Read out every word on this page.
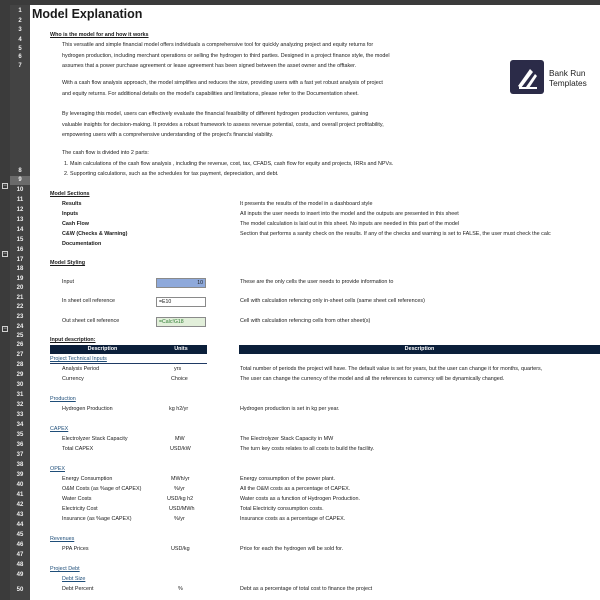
−
−
−
1
2
3
4
5
6
7
8
9
10
11
12
13
14
15
16
17
18
19
20
21
22
23
24
25
26
27
28
29
30
31
32
33
34
35
36
37
38
39
40
41
42
43
44
45
46
47
48
49
50
Model Explanation
Who is the model for and how it works
This versatile and simple financial model offers individuals a comprehensive tool for quickly analyzing project and equity returns for
hydrogen production, including merchant operations or selling the hydrogen to third parties. Designed in a project finance style, the model
assumes that a power purchase agreement or lease agreement has been signed between the asset owner and the offtaker.
With a cash flow analysis approach, the model simplifies and reduces the size, providing users with a fast yet robust analysis of project
and equity returns. For additional details on the model's capabilities and limitations, please refer to the Documentation sheet.
By leveraging this model, users can effectively evaluate the financial feasibility of different hydrogen production ventures, gaining
valuable insights for decision-making. It provides a robust framework to assess revenue potential, costs, and overall project profitability,
empowering users with a comprehensive understanding of the project's financial viability.
The cash flow is divided into 2 parts:
1. Main calculations of the cash flow analysis , including the revenue, cost, tax, CFADS, cash flow for equity and projects, IRRs and NPVs.
2. Supporting calculations, such as the schedules for tax payment, depreciation, and debt.
Bank Run
Templates
Model Sections
Results	It presents the results of the model in a dashboard style
Inputs	All inputs the user needs to insert into the model and the outputs are presented in this sheet
Cash Flow	The model calculation is laid out in this sheet. No inputs are needed in this part of the model
C&W (Checks & Warning)	Section that performs a sanity check on the results. If any of the checks and warning is set to FALSE, the user must check the calc
Documentation
Model Styling
Input	10	These are the only cells the user needs to provide information to
In sheet cell reference	=E10	Cell with calculation refencing only in-sheet cells (same sheet cell references)
Out sheet cell reference	=Calc!G18	Cell with calculation refencing cells from other sheet(s)
Input description:
Description	Units	Description
Project Technical Inputs
Analysis Period	yrs	Total number of periods the project will have. The default value is set for years, but the user can change it for months, quarters,
Currency	Choice	The user can change the currency of the model and all the references to currency will be dynamically changed.
Production
Hydrogen Production	kg h2/yr	Hydrogen production is set in kg per year.
CAPEX
Electrolyzer Stack Capacity	MW	The Electrolyzer Stack Capacity in MW
Total CAPEX	USD/kW	The turn key costs relates to all costs to build the facility.
OPEX
Energy Consumption	MWh/yr	Energy consumption of the power plant.
O&M Costs (as %age of CAPEX)	%/yr	All the O&M costs as a percentage of CAPEX.
Water Costs	USD/kg h2	Water costs as a function of Hydrogen Production.
Electricity Cost	USD/MWh	Total Electricity consumption costs.
Insurance (as %age CAPEX)	%/yr	Insurance costs as a percentage of CAPEX.
Revenues
PPA Prices	USD/kg	Price for each the hydrogen will be sold for.
Project Debt
Debt Size
Debt Percent	%	Debt as a percentage of total cost to finance the project
